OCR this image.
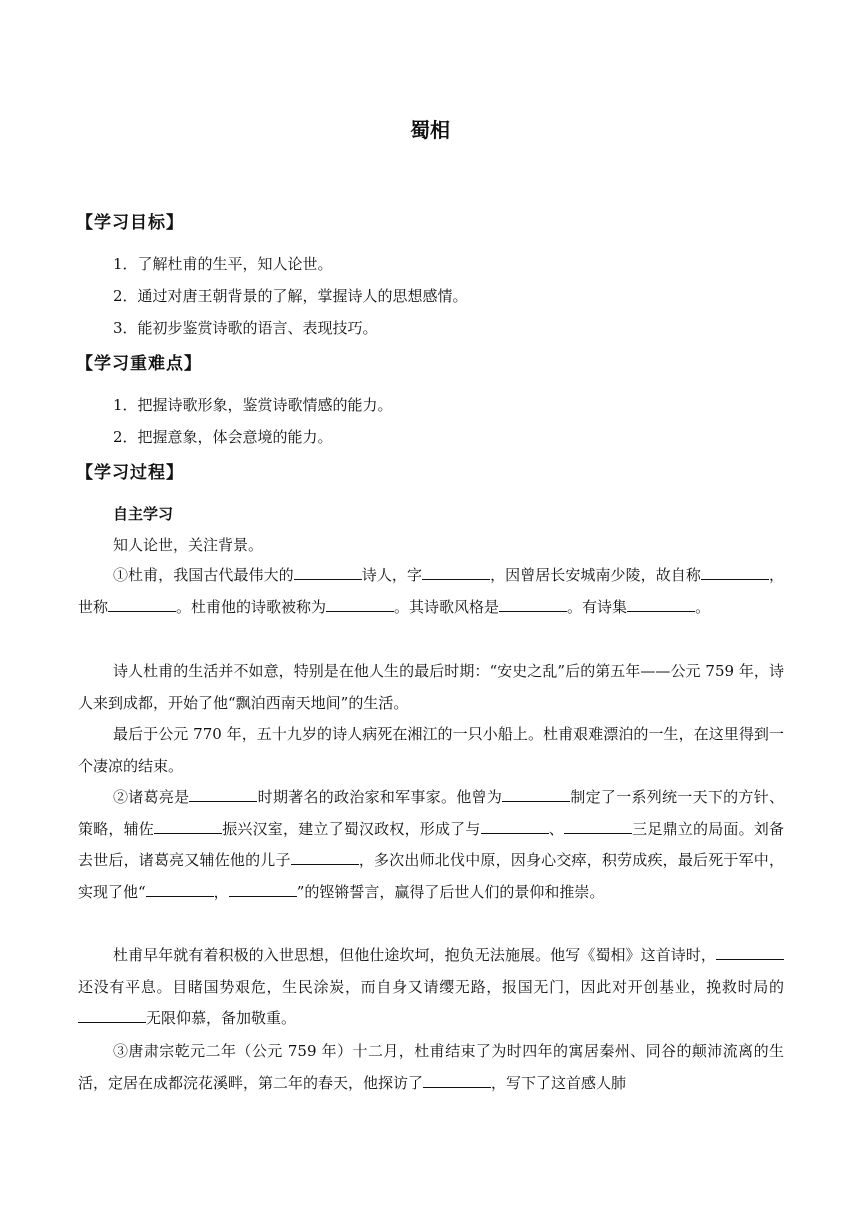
蜀相
【学习目标】
1．了解杜甫的生平，知人论世。
2．通过对唐王朝背景的了解，掌握诗人的思想感情。
3．能初步鉴赏诗歌的语言、表现技巧。
【学习重难点】
1．把握诗歌形象，鉴赏诗歌情感的能力。
2．把握意象，体会意境的能力。
【学习过程】
自主学习
知人论世，关注背景。
①杜甫，我国古代最伟大的	诗人，字	，因曾居长安城南少陵，故自称	，世称	。杜甫他的诗歌被称为	。其诗歌风格是	。有诗集	。
诗人杜甫的生活并不如意，特别是在他人生的最后时期：“安史之乱”后的第五年——公元 759 年，诗人来到成都，开始了他“飘泊西南天地间”的生活。
最后于公元 770 年，五十九岁的诗人病死在湘江的一只小船上。杜甫艰难漂泊的一生，在这里得到一个凄凉的结束。
②诸葛亮是	时期著名的政治家和军事家。他曾为	制定了一系列统一天下的方针、策略，辅佐	振兴汉室，建立了蜀汉政权，形成了与	、	三足鼎立的局面。刘备去世后，诸葛亮又辅佐他的儿子	，多次出师北伐中原，因身心交瘁，积劳成疾，最后死于军中，实现了他“	，	”的铿锵誓言，赢得了后世人们的景仰和推崇。
杜甫早年就有着积极的入世思想，但他仕途坎坷，抱负无法施展。他写《蜀相》这首诗时，还没有平息。目睹国势艰危，生民涂炭，而自身又请缨无路，报国无门，因此对开创基业，挽救时局的无限仰慕，备加敬重。
③唐肃宗乾元二年（公元 759 年）十二月，杜甫结束了为时四年的寓居秦州、同谷的颠沛流离的生活，定居在成都浣花溪畔，第二年的春天，他探访了	，写下了这首感人肺
